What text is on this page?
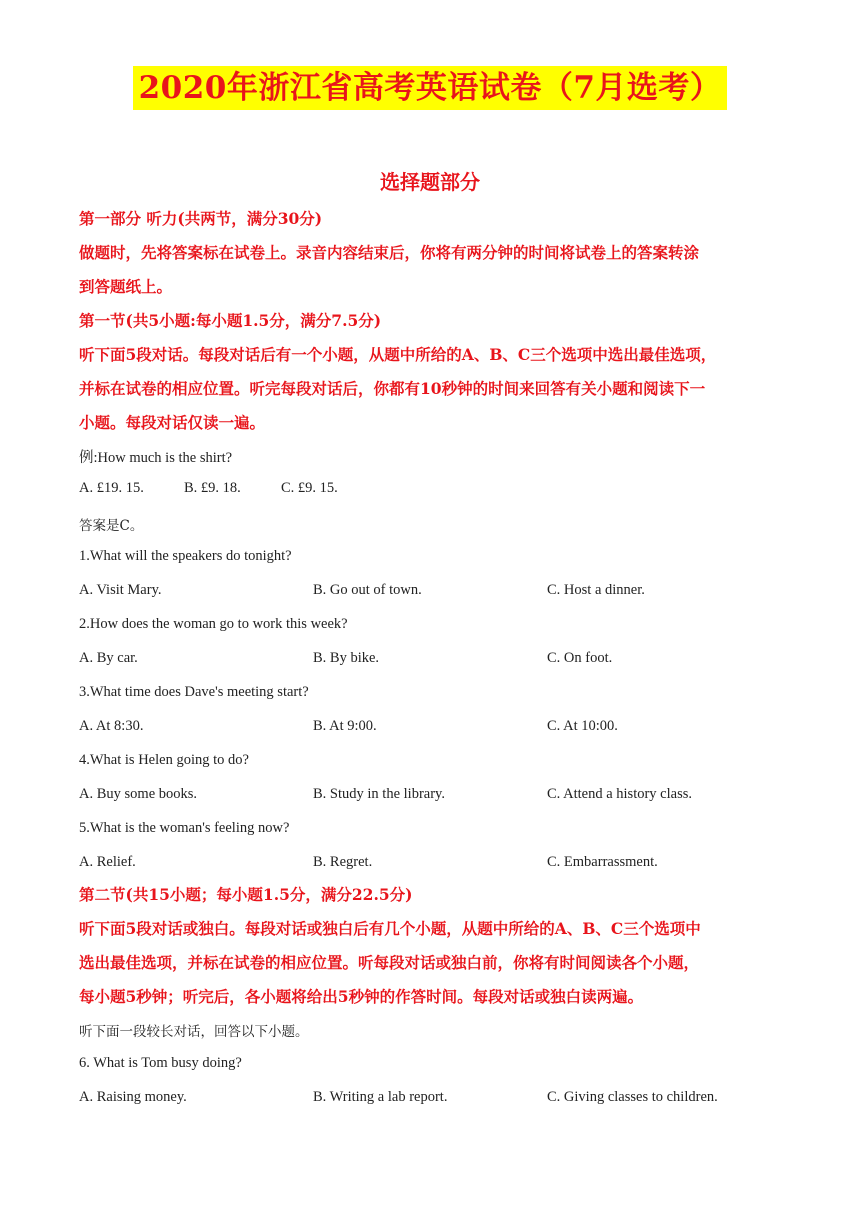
2020年浙江省高考英语试卷（7月选考）
选择题部分
第一部分 听力(共两节，满分30分)
做题时，先将答案标在试卷上。录音内容结束后，你将有两分钟的时间将试卷上的答案转涂
到答题纸上。
第一节(共5小题:每小题1.5分，满分7.5分)
听下面5段对话。每段对话后有一个小题，从题中所给的A、B、C三个选项中选出最佳选项，
并标在试卷的相应位置。听完每段对话后，你都有10秒钟的时间来回答有关小题和阅读下一
小题。每段对话仅读一遍。
例:How much is the shirt?
A. £19. 15.	B. £9. 18.	C. £9. 15.
答案是C。
1.What will the speakers do tonight?
A. Visit Mary.	B. Go out of town.	C. Host a dinner.
2.How does the woman go to work this week?
A. By car.	B. By bike.	C. On foot.
3.What time does Dave's meeting start?
A. At 8:30.	B. At 9:00.	C. At 10:00.
4.What is Helen going to do?
A. Buy some books.	B. Study in the library.	C. Attend a history class.
5.What is the woman's feeling now?
A. Relief.	B. Regret.	C. Embarrassment.
第二节(共15小题；每小题1.5分，满分22.5分)
听下面5段对话或独白。每段对话或独白后有几个小题，从题中所给的A、B、C三个选项中
选出最佳选项，并标在试卷的相应位置。听每段对话或独白前，你将有时间阅读各个小题，
每小题5秒钟；听完后，各小题将给出5秒钟的作答时间。每段对话或独白读两遍。
听下面一段较长对话，回答以下小题。
6. What is Tom busy doing?
A. Raising money.	B. Writing a lab report.	C. Giving classes to children.
